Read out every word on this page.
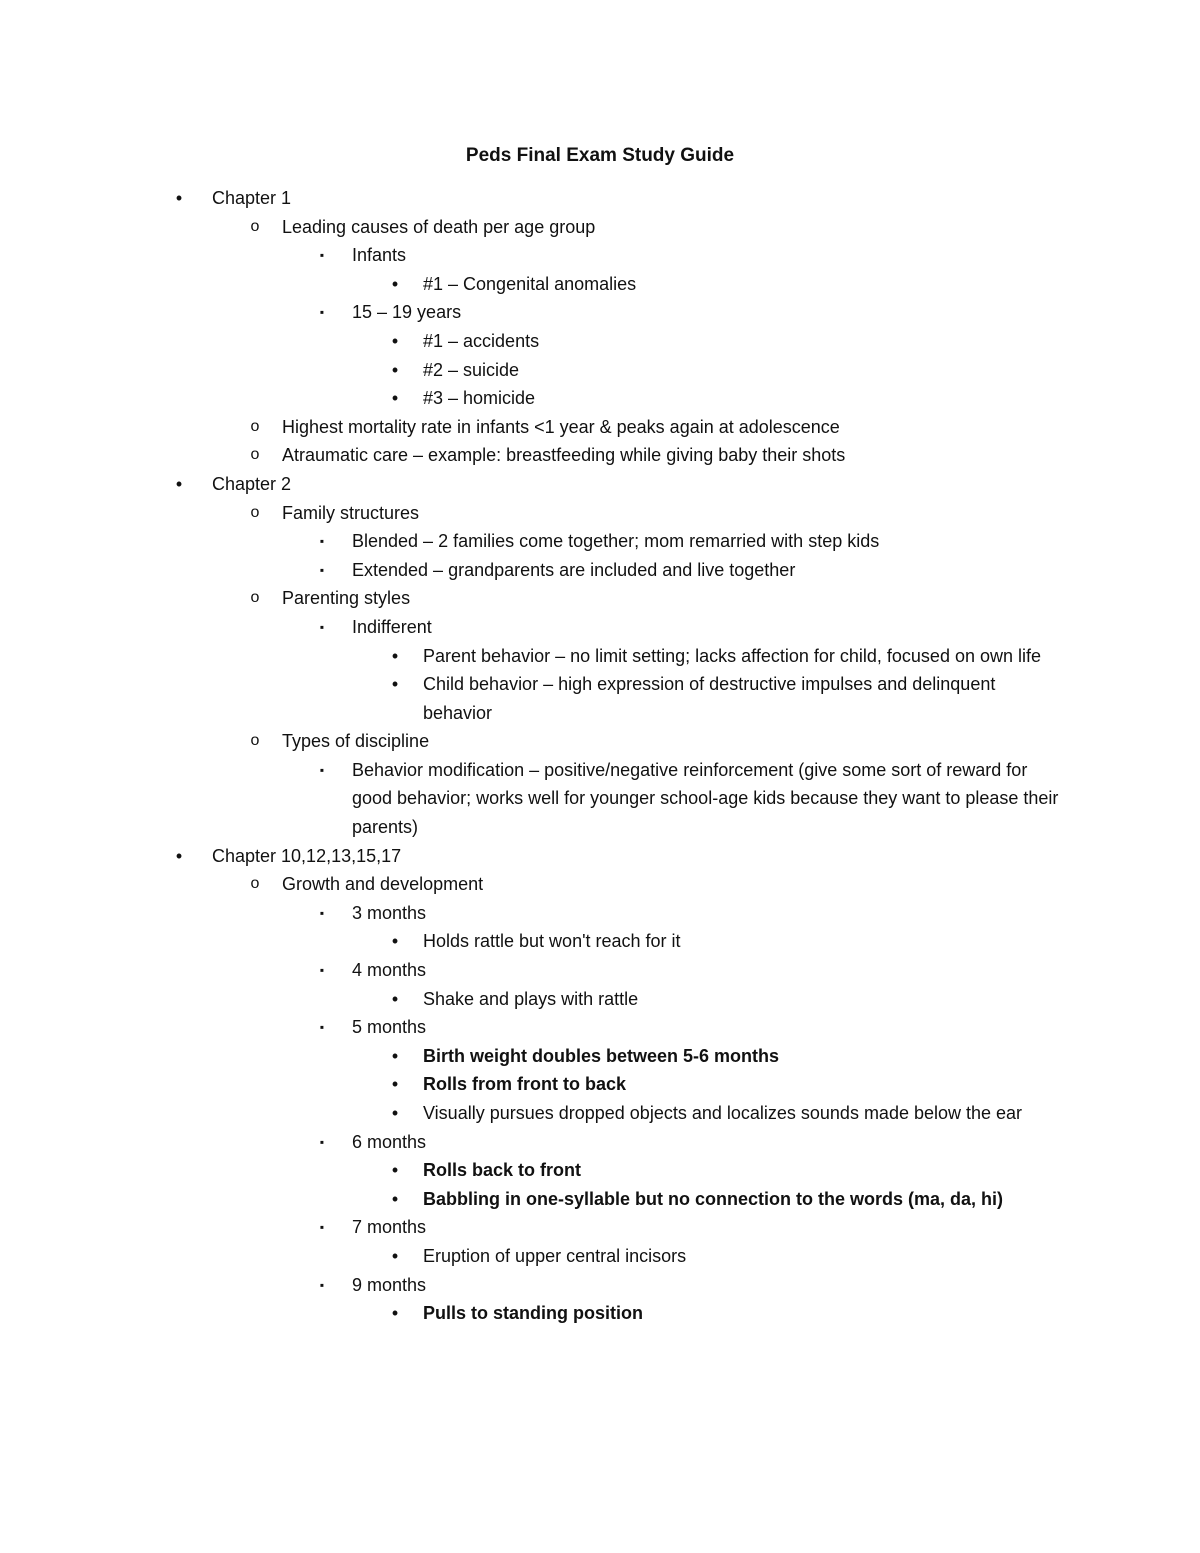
Peds Final Exam Study Guide
•	Chapter 1
o	Leading causes of death per age group
▪	Infants
•	#1 – Congenital anomalies
▪	15 – 19 years
•	#1 – accidents
•	#2 – suicide
•	#3 – homicide
o	Highest mortality rate in infants <1 year & peaks again at adolescence
o	Atraumatic care – example: breastfeeding while giving baby their shots
•	Chapter 2
o	Family structures
▪	Blended – 2 families come together; mom remarried with step kids
▪	Extended – grandparents are included and live together
o	Parenting styles
▪	Indifferent
•	Parent behavior – no limit setting; lacks affection for child, focused on own life
•	Child behavior – high expression of destructive impulses and delinquent behavior
o	Types of discipline
▪	Behavior modification – positive/negative reinforcement (give some sort of reward for good behavior; works well for younger school-age kids because they want to please their parents)
•	Chapter 10,12,13,15,17
o	Growth and development
▪	3 months
•	Holds rattle but won't reach for it
▪	4 months
•	Shake and plays with rattle
▪	5 months
•	Birth weight doubles between 5-6 months
•	Rolls from front to back
•	Visually pursues dropped objects and localizes sounds made below the ear
▪	6 months
•	Rolls back to front
•	Babbling in one-syllable but no connection to the words (ma, da, hi)
▪	7 months
•	Eruption of upper central incisors
▪	9 months
•	Pulls to standing position
